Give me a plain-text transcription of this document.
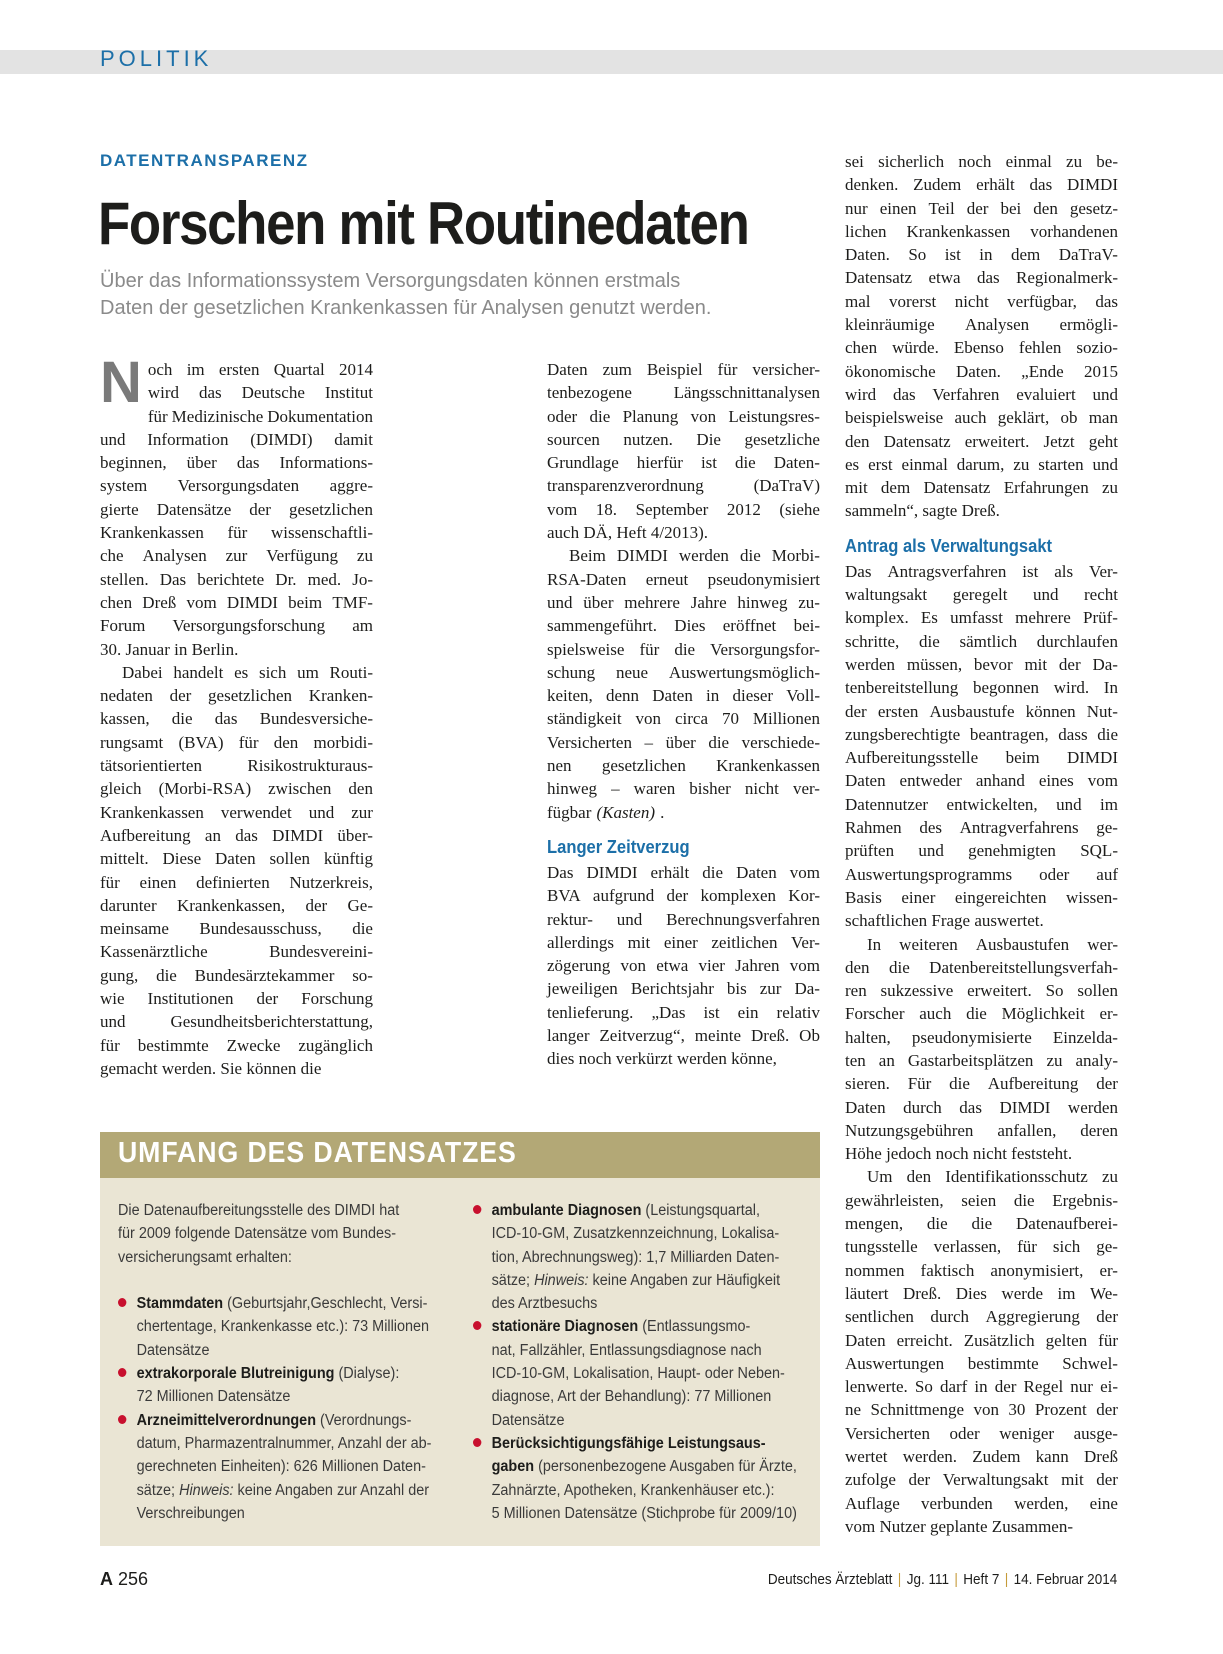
POLITIK
DATENTRANSPARENZ
Forschen mit Routinedaten
Über das Informationssystem Versorgungsdaten können erstmals
Daten der gesetzlichen Krankenkassen für Analysen genutzt werden.
N och im ersten Quartal 2014
wird das Deutsche Institut
für Medizinische Dokumentation
und Information (DIMDI) damit
beginnen, über das Informations-
system Versorgungsdaten aggre-
gierte Datensätze der gesetzlichen
Krankenkassen für wissenschaftli-
che Analysen zur Verfügung zu
stellen. Das berichtete Dr. med. Jo-
chen Dreß vom DIMDI beim TMF-
Forum Versorgungsforschung am
30. Januar in Berlin.
Dabei handelt es sich um Routi-
nedaten der gesetzlichen Kranken-
kassen, die das Bundesversiche-
rungsamt (BVA) für den morbidi-
tätsorientierten	Risikostrukturaus-
gleich (Morbi-RSA) zwischen den
Krankenkassen verwendet und zur
Aufbereitung an das DIMDI über-
mittelt. Diese Daten sollen künftig
für einen definierten Nutzerkreis,
darunter Krankenkassen, der Ge-
meinsame Bundesausschuss, die
Kassenärztliche	Bundesvereini-
gung, die Bundesärztekammer so-
wie Institutionen der Forschung
und	Gesundheitsberichterstattung,
für bestimmte Zwecke zugänglich
gemacht werden. Sie können die
Daten zum Beispiel für versicher-
tenbezogene Längsschnittanalysen
oder die Planung von Leistungsres-
sourcen nutzen. Die gesetzliche
Grundlage hierfür ist die Daten-
transparenzverordnung	(DaTraV)
vom 18. September 2012 (siehe
auch DÄ, Heft 4/2013).
Beim DIMDI werden die Morbi-
RSA-Daten erneut pseudonymisiert
und über mehrere Jahre hinweg zu-
sammengeführt. Dies eröffnet bei-
spielsweise für die Versorgungsfor-
schung neue Auswertungsmöglich-
keiten, denn Daten in dieser Voll-
ständigkeit von circa 70 Millionen
Versicherten – über die verschiede-
nen gesetzlichen Krankenkassen
hinweg – waren bisher nicht ver-
fügbar (Kasten) .
Langer Zeitverzug
Das DIMDI erhält die Daten vom
BVA aufgrund der komplexen Kor-
rektur- und Berechnungsverfahren
allerdings mit einer zeitlichen Ver-
zögerung von etwa vier Jahren vom
jeweiligen Berichtsjahr bis zur Da-
tenlieferung. „Das ist ein relativ
langer Zeitverzug“, meinte Dreß. Ob
dies noch verkürzt werden könne,
sei sicherlich noch einmal zu be-
denken. Zudem erhält das DIMDI
nur einen Teil der bei den gesetz-
lichen Krankenkassen vorhandenen
Daten. So ist in dem DaTraV-
Datensatz etwa das Regionalmerk-
mal vorerst nicht verfügbar, das
kleinräumige Analysen ermögli-
chen würde. Ebenso fehlen sozio-
ökonomische Daten. „Ende 2015
wird das Verfahren evaluiert und
beispielsweise auch geklärt, ob man
den Datensatz erweitert. Jetzt geht
es erst einmal darum, zu starten und
mit dem Datensatz Erfahrungen zu
sammeln“, sagte Dreß.
Antrag als Verwaltungsakt
Das Antragsverfahren ist als Ver-
waltungsakt geregelt und recht
komplex. Es umfasst mehrere Prüf-
schritte, die sämtlich durchlaufen
werden müssen, bevor mit der Da-
tenbereitstellung begonnen wird. In
der ersten Ausbaustufe können Nut-
zungsberechtigte beantragen, dass die
Aufbereitungsstelle beim DIMDI
Daten entweder anhand eines vom
Datennutzer entwickelten, und im
Rahmen des Antragverfahrens ge-
prüften und genehmigten SQL-
Auswertungsprogramms oder auf
Basis einer eingereichten wissen-
schaftlichen Frage auswertet.
In weiteren Ausbaustufen wer-
den die Datenbereitstellungsverfah-
ren sukzessive erweitert. So sollen
Forscher auch die Möglichkeit er-
halten, pseudonymisierte Einzelda-
ten an Gastarbeitsplätzen zu analy-
sieren. Für die Aufbereitung der
Daten durch das DIMDI werden
Nutzungsgebühren anfallen, deren
Höhe jedoch noch nicht feststeht.
Um den Identifikationsschutz zu
gewährleisten, seien die Ergebnis-
mengen, die die Datenaufberei-
tungsstelle verlassen, für sich ge-
nommen faktisch anonymisiert, er-
läutert Dreß. Dies werde im We-
sentlichen durch Aggregierung der
Daten erreicht. Zusätzlich gelten für
Auswertungen bestimmte Schwel-
lenwerte. So darf in der Regel nur ei-
ne Schnittmenge von 30 Prozent der
Versicherten oder weniger ausge-
wertet werden. Zudem kann Dreß
zufolge der Verwaltungsakt mit der
Auflage verbunden werden, eine
vom Nutzer geplante Zusammen-
UMFANG DES DATENSATZES
Die Datenaufbereitungsstelle des DIMDI hat
für 2009 folgende Datensätze vom Bundes-
versicherungsamt erhalten:
Stammdaten (Geburtsjahr,Geschlecht, Versi-
chertentage, Krankenkasse etc.): 73 Millionen
Datensätze
extrakorporale Blutreinigung (Dialyse):
72 Millionen Datensätze
Arzneimittelverordnungen (Verordnungs-
datum, Pharmazentralnummer, Anzahl der ab-
gerechneten Einheiten): 626 Millionen Daten-
sätze; Hinweis: keine Angaben zur Anzahl der
Verschreibungen
ambulante Diagnosen (Leistungsquartal,
ICD-10-GM, Zusatzkennzeichnung, Lokalisa-
tion, Abrechnungsweg): 1,7 Milliarden Daten-
sätze; Hinweis: keine Angaben zur Häufigkeit
des Arztbesuchs
stationäre Diagnosen (Entlassungsmo-
nat, Fallzähler, Entlassungsdiagnose nach
ICD-10-GM, Lokalisation, Haupt- oder Neben-
diagnose, Art der Behandlung): 77 Millionen
Datensätze
Berücksichtigungsfähige Leistungsaus-
gaben (personenbezogene Ausgaben für Ärzte,
Zahnärzte, Apotheken, Krankenhäuser etc.):
5 Millionen Datensätze (Stichprobe für 2009/10)
A 256	Deutsches Ärzteblatt | Jg. 111 | Heft 7 | 14. Februar 2014
